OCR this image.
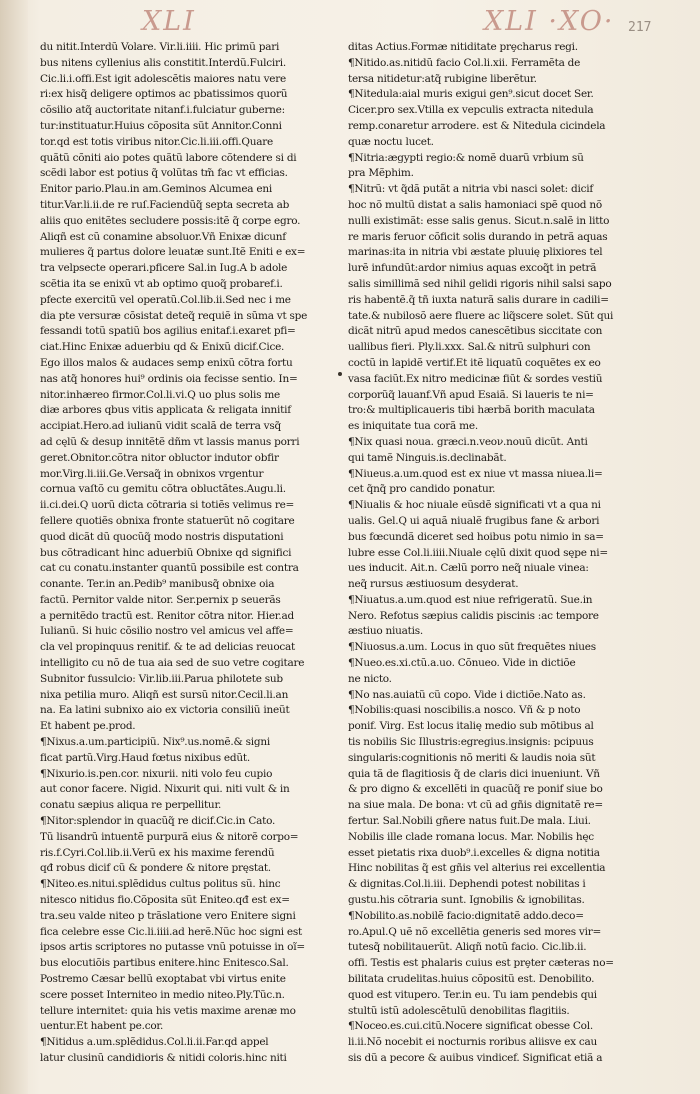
XLI	XLI ·XO· 217
du nitit.Interdũ Volare. Vir.li.iiii. Hic primũ pari
bus nitens cyllenius alis constitit.Interdũ.Fulciri.
Cic.li.i.offi.Est igit adolescẽtis maiores natu vere
ri:ex hisq̃ deligere optimos ac pbatissimos quorũ
cõsilio atq̃ auctoritate nitanf.i.fulciatur guberne:
tur:instituatur.Huius cõposita sũt Annitor.Conni
tor.qd est totis viribus nitor.Cic.li.iii.offi.Quare
quãtũ cõniti aio potes quãtũ labore cõtendere si di
scẽdi labor est potius q̃ volũtas tm̃ fac vt efficias.
Enitor pario.Plau.in am.Geminos Alcumea eni
titur.Var.li.ii.de re ruſ.Faciendũq̃ septa secreta ab
aliis quo enitẽtes secludere possis:itẽ q̃ corpe egro.
Aliqñ est cũ conamine absoluor.Vñ Enixæ dicunf
mulieres q̃ partus dolore leuatæ sunt.Itẽ Eniti e ex=
tra velpsecte operari.pficere Sal.in Iug.A b adole
scẽtia ita se enixũ vt ab optimo quoq̃ probaref.i.
pfecte exercitũ vel operatũ.Col.lib.ii.Sed nec i me
dia pte versuræ cõsistat deteq̃ requiẽ in sũma vt spe
fessandi totũ spatiũ bos agilius enitaf.i.exaret pfi=
ciat.Hinc Enixæ aduerbiu qd & Enixũ dicif.Cice.
Ego illos malos & audaces semp enixũ cõtra fortu
nas atq̃ honores hui⁹ ordinis oia fecisse sentio. In=
nitor.inhæreo firmor.Col.li.vi.Q uo plus solis me
diæ arbores qbus vitis applicata & religata innitif
accipiat.Hero.ad iulianũ vidit scalã de terra vsq̃
ad cęlũ & desup innitẽtẽ dñm vt lassis manus porri
geret.Obnitor.cõtra nitor obluctor indutor obfir
mor.Virg.li.iii.Ge.Versaq̃ in obnixos vrgentur
cornua vaſtõ cu gemitu cõtra obluctãtes.Augu.li.
ii.ci.dei.Q uorũ dicta cõtraria si totiẽs velimus re=
fellere quotiẽs obnixa fronte statuerũt nõ cogitare
quod dicãt dũ quocũq̃ modo nostris disputationi
bus cõtradicant hinc aduerbiũ Obnixe qd significi
cat cu conatu.instanter quantũ possibile est contra
conante. Ter.in an.Pedib⁹ manibusq̃ obnixe oia
factũ. Pernitor valde nitor. Ser.pernix p seuerãs
a pernitẽdo tractũ est. Renitor cõtra nitor. Hier.ad
Iulianũ. Si huic cõsilio nostro vel amicus vel affe=
cla vel propinquus renitif. & te ad delicias reuocat
intelligito cu nõ de tua aia sed de suo vetre cogitare
Subnitor fussulcio: Vir.lib.iii.Parua philotete sub
nixa petilia muro. Aliqñ est sursũ nitor.Cecil.li.an
na. Ea latini subnixo aio ex victoria consiliũ ineũt
Et habent pe.prod.
¶Nixus.a.um.participiũ. Nix⁹.us.nomẽ.& signi
ficat partũ.Virg.Haud fœtus nixibus edũt.
¶Nixurio.is.pen.cor. nixurii. niti volo feu cupio
aut conor facere. Nigid. Nixurit qui. niti vult & in
conatu sæpius aliqua re perpellitur.
¶Nitor:splendor in quacũq̃ re dicif.Cic.in Cato.
Tũ lisandrũ intuentẽ purpurã eius & nitorẽ corpo=
ris.f.Cyri.Col.lib.ii.Verũ ex his maxime ferendũ
qđ robus dicif cũ & pondere & nitore pręstat.
¶Niteo.es.nitui.splẽdidus cultus politus sũ. hinc
nitesco nitidus fio.Cõposita sũt Eniteo.qđ est ex=
tra.seu valde niteo p trãslatione vero Enitere signi
fica celebre esse Cic.li.iiii.ad herẽ.Nũc hoc signi est
ipsos artis scriptores no putasse vnũ potuisse in oĩ=
bus elocutiõis partibus enitere.hinc Enitesco.Sal.
Postremo Cæsar bellũ exoptabat vbi virtus enite
scere posset Interniteo in medio niteo.Ply.Tũc.n.
tellure internitet: quia his vetis maxime arenæ mo
uentur.Et habent pe.cor.
¶Nitidus a.um.splẽdidus.Col.li.ii.Far.qd appel
latur clusinũ candidioris & nitidi coloris.hinc niti
ditas Actius.Formæ nitiditate prȩcharus regi.
¶Nitido.as.nitidũ facio Col.li.xii. Ferramẽta de
tersa nitidetur:atq̃ rubigine liberẽtur.
¶Nitedula:aial muris exigui gen⁹.sicut docet Ser.
Cicer.pro sex.Vtilla ex vepculis extracta nitedula
remp.conaretur arrodere. est & Nitedula cicindela
quæ noctu lucet.
¶Nitria:ægypti regio:& nomẽ duarũ vrbium sũ
pra Mẽphim.
¶Nitrũ: vt q̃dã putãt a nitria vbi nasci solet: dicif
hoc nõ multũ distat a salis hamoniaci spẽ quod nõ
nulli existimãt: esse salis genus. Sicut.n.salẽ in litto
re maris feruor cõficit solis durando in petrã aquas
marinas:ita in nitria vbi æstate pluuię plixiores tel
lurẽ infundũt:ardor nimius aquas excoq̃t in petrã
salis simillimã sed nihil gelidi rigoris nihil salsi sapo
ris habentẽ.q̃ tñ iuxta naturã salis durare in cadili=
tate.& nubilosõ aere fluere ac liq̃scere solet. Sũt qui
dicãt nitrũ apud medos canescẽtibus siccitate con
uallibus fieri. Ply.li.xxx. Sal.& nitrũ sulphuri con
coctũ in lapidẽ vertif.Et itẽ liquatũ coquẽtes ex eo
vasa faciũt.Ex nitro medicinæ fiũt & sordes vestiũ
corporũq̃ lauanf.Vñ apud Esaiã. Si laueris te ni=
tro:& multiplicaueris tibi hærbã borith maculata
es iniquitate tua corã me.
¶Nix quasi noua. græci.n.veoν.nouũ dicũt. Anti
qui tamẽ Ninguis.is.declinabãt.
¶Niueus.a.um.quod est ex niue vt massa niuea.li=
cet q̃nq̃ pro candido ponatur.
¶Niualis & hoc niuale eũsdẽ significati vt a qua ni
ualis. Gel.Q ui aquã niualẽ frugibus fane & arbori
bus fœcundã diceret sed hoibus potu nimio in sa=
lubre esse Col.li.iiii.Niuale cęlũ dixit quod sępe ni=
ues inducit. Ait.n. Cælũ porro neq̃ niuale vinea:
neq̃ rursus æstiuosum desyderat.
¶Niuatus.a.um.quod est niue refrigeratũ. Sue.in
Nero. Refotus sæpius calidis piscinis :ac tempore
æstiuo niuatis.
¶Niuosus.a.um. Locus in quo sũt frequẽtes niues
¶Nueo.es.xi.ctũ.a.uo. Cõnueo. Vide in dictiõe
ne nicto.
¶No nas.auiatũ cũ copo. Vide i dictiõe.Nato as.
¶Nobilis:quasi noscibilis.a nosco. Vñ & p noto
ponif. Virg. Est locus italię medio sub mõtibus al
tis nobilis Sic Illustris:egregius.insignis: pcipuus
singularis:cognitionis nõ meriti & laudis noia sũt
quia tã de flagitiosis q̃ de claris dici inueniunt. Vñ
& pro digno & excellẽti in quacũq̃ re ponif siue bo
na siue mala. De bona: vt cũ ad gñis dignitatẽ re=
fertur. Sal.Nobili gñere natus fuit.De mala. Liui.
Nobilis ille clade romana locus. Mar. Nobilis hęc
esset pietatis rixa duob⁹.i.excelles & digna notitia
Hinc nobilitas q̃ est gñis vel alterius rei excellentia
& dignitas.Col.li.iii. Dephendi potest nobilitas i
gustu.his cõtraria sunt. Ignobilis & ignobilitas.
¶Nobilito.as.nobilẽ facio:dignitatẽ addo.deco=
ro.Apul.Q uẽ nõ excellẽtia generis sed mores vir=
tutesq̃ nobilitauerũt. Aliqñ notũ facio. Cic.lib.ii.
offi. Testis est phalaris cuius est prȩter cæteras no=
bilitata crudelitas.huius cõpositũ est. Denobilito.
quod est vitupero. Ter.in eu. Tu iam pendebis qui
stultũ istũ adolescẽtulũ denobilitas flagitiis.
¶Noceo.es.cui.citũ.Nocere significat obesse Col.
li.ii.Nõ nocebit ei nocturnis roribus aliisve ex cau
sis dũ a pecore & auibus vindicef. Significat etiã a
